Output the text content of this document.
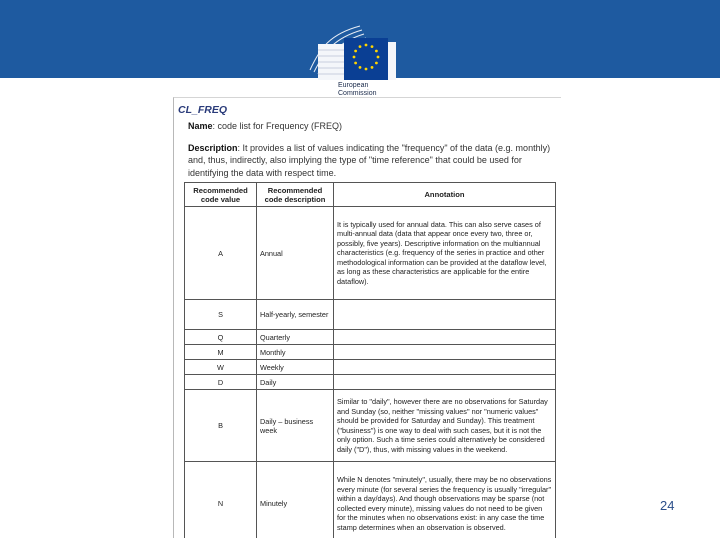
European
Commission
CL_FREQ
Name: code list for Frequency (FREQ)
Description: It provides a list of values indicating the "frequency" of the data (e.g. monthly) and, thus, indirectly, also implying the type of "time reference" that could be used for identifying the data with respect time.
Recommended code value	Recommended code description	Annotation
A	Annual	It is typically used for annual data. This can also serve cases of multi-annual data (data that appear once every two, three or, possibly, five years). Descriptive information on the multiannual characteristics (e.g. frequency of the series in practice and other methodological information can be provided at the dataflow level, as long as these characteristics are applicable for the entire dataflow).
S	Half-yearly, semester	
Q	Quarterly	
M	Monthly	
W	Weekly	
D	Daily	
B	Daily – business week	Similar to "daily", however there are no observations for Saturday and Sunday (so, neither "missing values" nor "numeric values" should be provided for Saturday and Sunday). This treatment ("business") is one way to deal with such cases, but it is not the only option. Such a time series could alternatively be considered daily ("D"), thus, with missing values in the weekend.
N	Minutely	While N denotes "minutely", usually, there may be no observations every minute (for several series the frequency is usually "irregular" within a day/days). And though observations may be sparse (not collected every minute), missing values do not need to be given for the minutes when no observations exist: in any case the time stamp determines when an observation is observed.
24
